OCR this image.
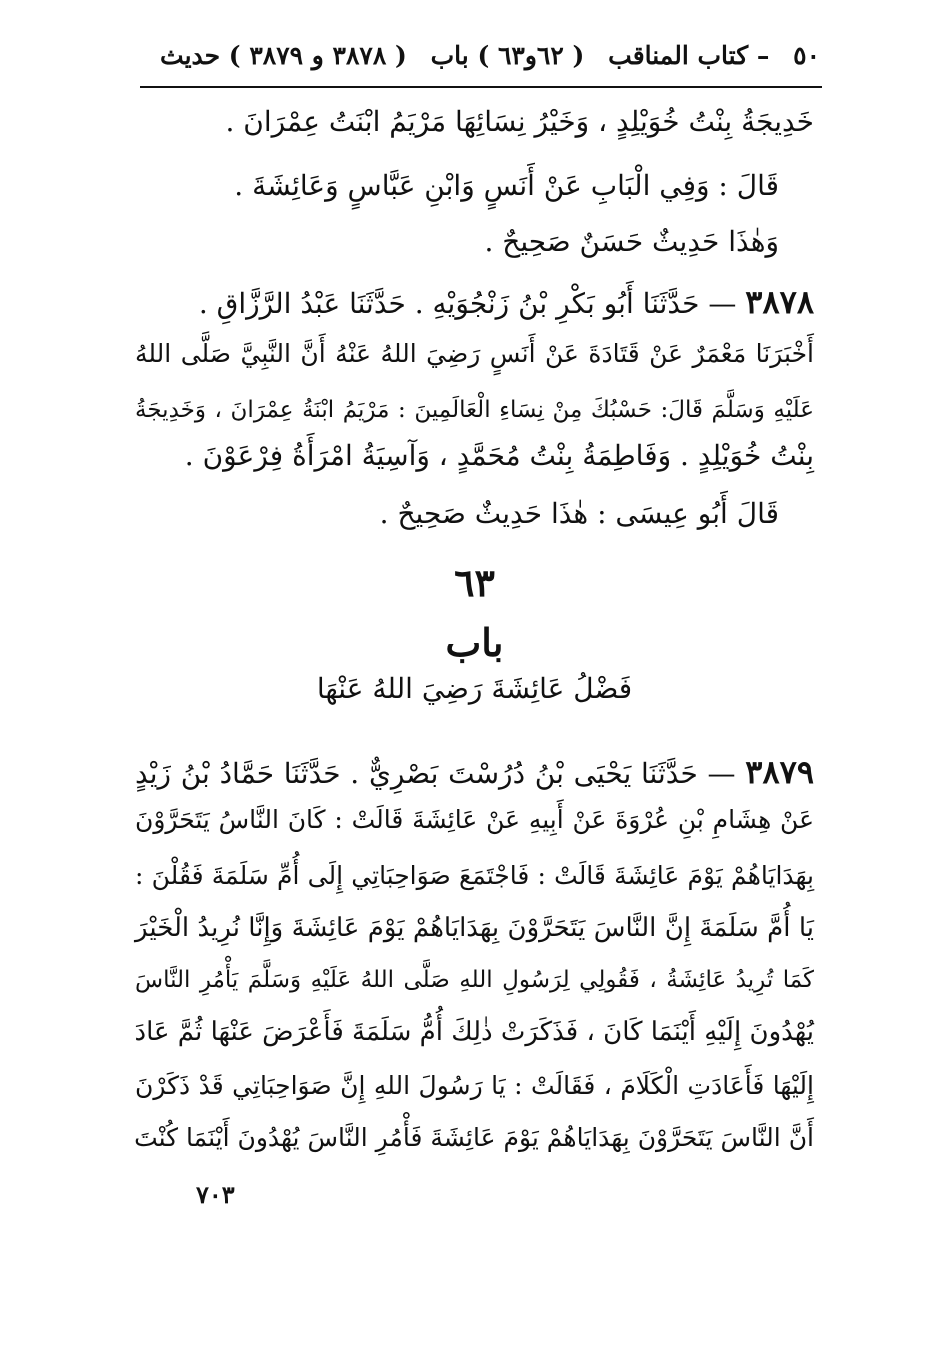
٥٠
– كتاب المناقب
( ٦٢و٦٣ ) باب
( ٣٨٧٨ و ٣٨٧٩ ) حديث
خَدِيجَةُ بِنْتُ خُوَيْلِدٍ ، وَخَيْرُ نِسَائِهَا مَرْيَمُ ابْنَتُ عِمْرَانَ .
قَالَ : وَفِي الْبَابِ عَنْ أَنَسٍ وَابْنِ عَبَّاسٍ وَعَائِشَةَ .
وَهٰذَا حَدِيثٌ حَسَنٌ صَحِيحٌ .
٣٨٧٨ — حَدَّثَنَا أَبُو بَكْرِ بْنُ زَنْجُوَيْهِ . حَدَّثَنَا عَبْدُ الرَّزَّاقِ .
أَخْبَرَنَا مَعْمَرٌ عَنْ قَتَادَةَ عَنْ أَنَسٍ رَضِيَ اللهُ عَنْهُ أَنَّ النَّبِيَّ صَلَّى اللهُ
عَلَيْهِ وَسَلَّمَ قَالَ: حَسْبُكَ مِنْ نِسَاءِ الْعَالَمِينَ : مَرْيَمُ ابْنَةُ عِمْرَانَ ، وَخَدِيجَةُ
بِنْتُ خُوَيْلِدٍ . وَفَاطِمَةُ بِنْتُ مُحَمَّدٍ ، وَآسِيَةُ امْرَأَةُ فِرْعَوْنَ .
قَالَ أَبُو عِيسَى : هٰذَا حَدِيثٌ صَحِيحٌ .
٦٣
باب
فَضْلُ عَائِشَةَ رَضِيَ اللهُ عَنْهَا
٣٨٧٩ — حَدَّثَنَا يَحْيَى بْنُ دُرُسْتَ بَصْرِيٌّ . حَدَّثَنَا حَمَّادُ بْنُ زَيْدٍ
عَنْ هِشَامِ بْنِ عُرْوَةَ عَنْ أَبِيهِ عَنْ عَائِشَةَ قَالَتْ : كَانَ النَّاسُ يَتَحَرَّوْنَ
بِهَدَايَاهُمْ يَوْمَ عَائِشَةَ قَالَتْ : فَاجْتَمَعَ صَوَاحِبَاتِي إِلَى أُمِّ سَلَمَةَ فَقُلْنَ :
يَا أُمَّ سَلَمَةَ إِنَّ النَّاسَ يَتَحَرَّوْنَ بِهَدَايَاهُمْ يَوْمَ عَائِشَةَ وَإِنَّا نُرِيدُ الْخَيْرَ
كَمَا تُرِيدُ عَائِشَةُ ، فَقُولِي لِرَسُولِ اللهِ صَلَّى اللهُ عَلَيْهِ وَسَلَّمَ يَأْمُرِ النَّاسَ
يُهْدُونَ إِلَيْهِ أَيْنَمَا كَانَ ، فَذَكَرَتْ ذٰلِكَ أُمُّ سَلَمَةَ فَأَعْرَضَ عَنْهَا ثُمَّ عَادَ
إِلَيْهَا فَأَعَادَتِ الْكَلَامَ ، فَقَالَتْ : يَا رَسُولَ اللهِ إِنَّ صَوَاحِبَاتِي قَدْ ذَكَرْنَ
أَنَّ النَّاسَ يَتَحَرَّوْنَ بِهَدَايَاهُمْ يَوْمَ عَائِشَةَ فَأْمُرِ النَّاسَ يُهْدُونَ أَيْنَمَا كُنْتَ
٧٠٣
